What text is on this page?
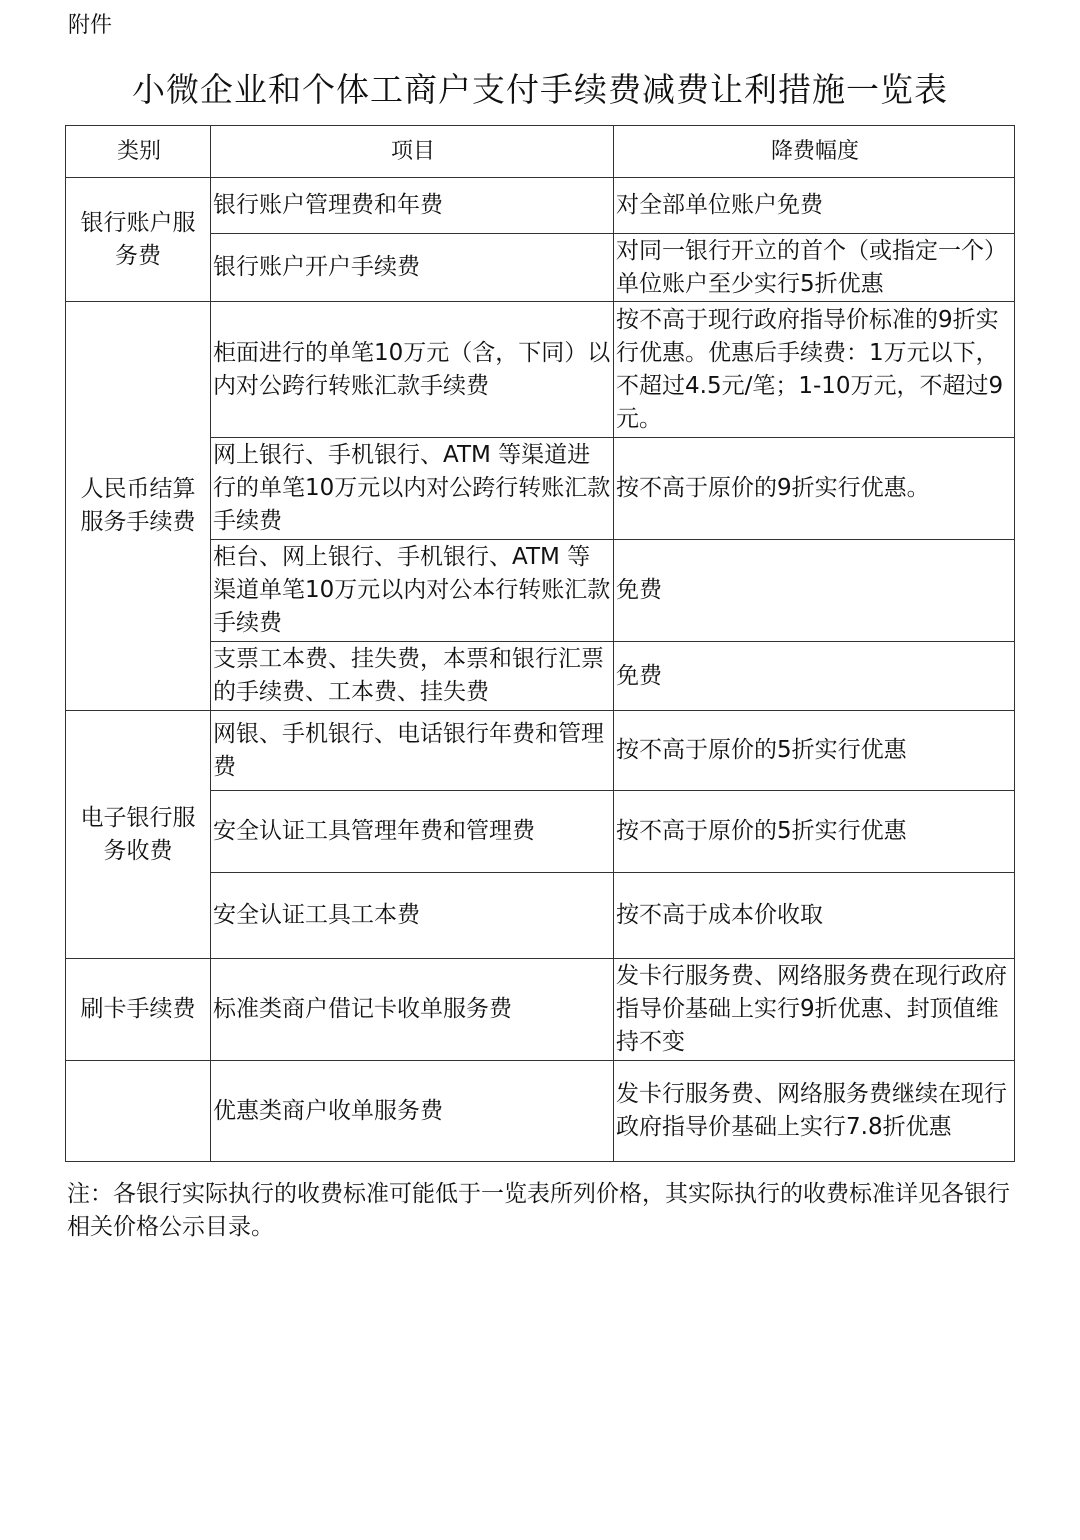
附件
小微企业和个体工商户支付手续费减费让利措施一览表
类别	项目	降费幅度
银行账户服务费	银行账户管理费和年费	对全部单位账户免费
	银行账户开户手续费	对同一银行开立的首个（或指定一个）单位账户至少实行5折优惠
人民币结算服务手续费	柜面进行的单笔10万元（含，下同）以内对公跨行转账汇款手续费	按不高于现行政府指导价标准的9折实行优惠。优惠后手续费：1万元以下，不超过4.5元/笔；1-10万元，不超过9元。
	网上银行、手机银行、ATM 等渠道进行的单笔10万元以内对公跨行转账汇款手续费	按不高于原价的9折实行优惠。
	柜台、网上银行、手机银行、ATM 等渠道单笔10万元以内对公本行转账汇款手续费	免费
	支票工本费、挂失费，本票和银行汇票的手续费、工本费、挂失费	免费
电子银行服务收费	网银、手机银行、电话银行年费和管理费	按不高于原价的5折实行优惠
	安全认证工具管理年费和管理费	按不高于原价的5折实行优惠
	安全认证工具工本费	按不高于成本价收取
刷卡手续费	标准类商户借记卡收单服务费	发卡行服务费、网络服务费在现行政府指导价基础上实行9折优惠、封顶值维持不变
	优惠类商户收单服务费	发卡行服务费、网络服务费继续在现行政府指导价基础上实行7.8折优惠
注：各银行实际执行的收费标准可能低于一览表所列价格，其实际执行的收费标准详见各银行相关价格公示目录。
